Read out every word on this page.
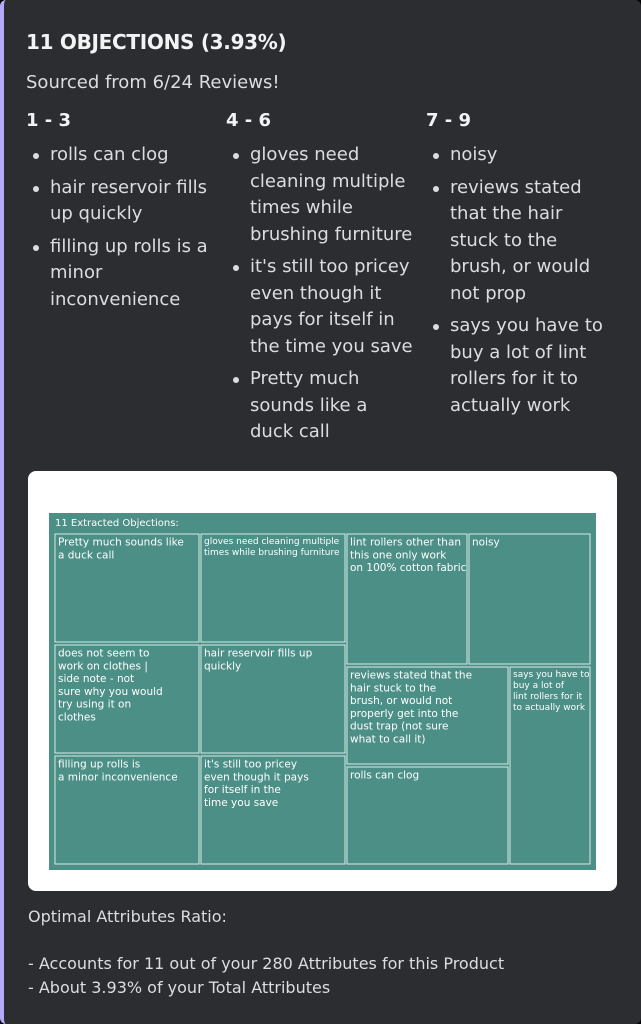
11 OBJECTIONS (3.93%)
Sourced from 6/24 Reviews!
1 - 3
rolls can clog
hair reservoir fills up quickly
filling up rolls is a minor inconvenience
4 - 6
gloves need cleaning multiple times while brushing furniture
it's still too pricey even though it pays for itself in the time you save
Pretty much sounds like a duck call
7 - 9
noisy
reviews stated that the hair stuck to the brush, or would not prop
says you have to buy a lot of lint rollers for it to actually work
11 Extracted Objections:
Pretty much sounds like a duck call
does not seem to work on clothes | side note - not sure why you would try using it on clothes
filling up rolls is a minor inconvenience
gloves need cleaning multiple times while brushing furniture
hair reservoir fills up quickly
it's still too pricey even though it pays for itself in the time you save
lint rollers other than this one only work on 100% cotton fabric
noisy
reviews stated that the hair stuck to the brush, or would not properly get into the dust trap (not sure what to call it)
rolls can clog
says you have to buy a lot of lint rollers for it to actually work
Optimal Attributes Ratio:
- Accounts for 11 out of your 280 Attributes for this Product
- About 3.93% of your Total Attributes
